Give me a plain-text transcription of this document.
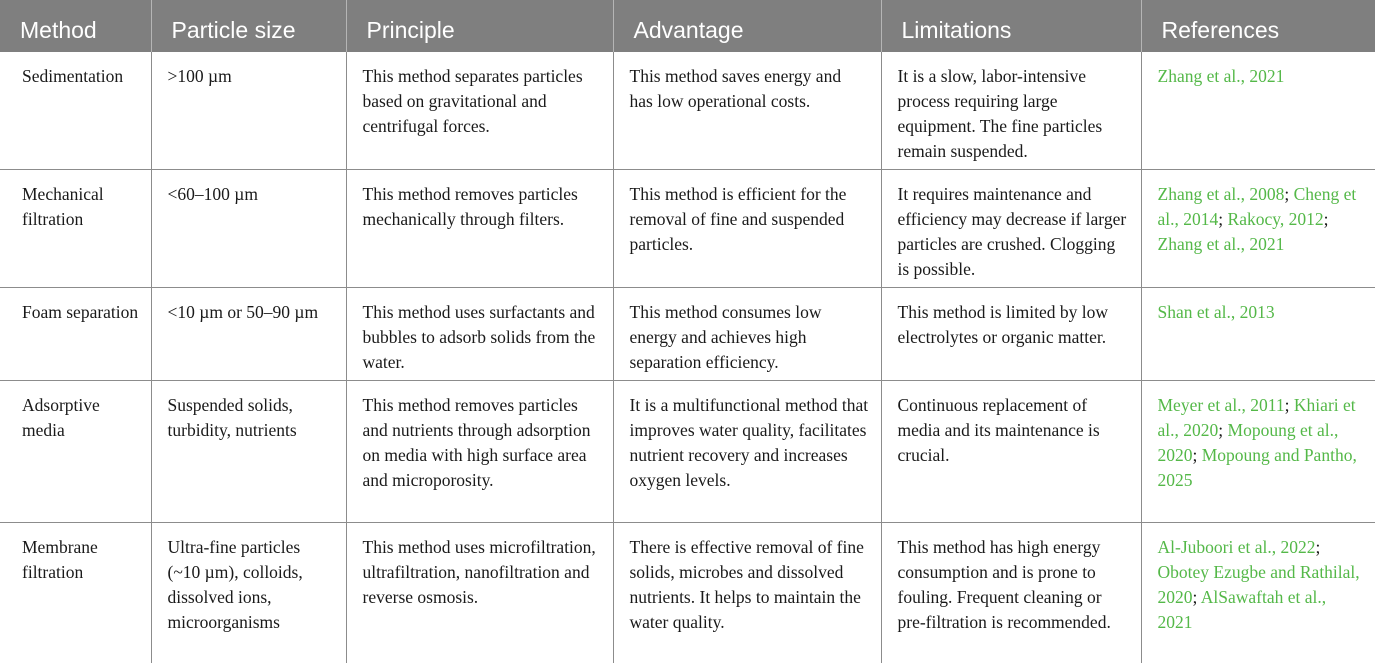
Method	Particle size	Principle	Advantage	Limitations	References
Sedimentation	>100 µm	This method separates particles based on gravitational and centrifugal forces.	This method saves energy and has low operational costs.	It is a slow, labor-intensive process requiring large equipment. The fine particles remain suspended.	Zhang et al., 2021
Mechanical filtration	<60–100 µm	This method removes particles mechanically through filters.	This method is efficient for the removal of fine and suspended particles.	It requires maintenance and efficiency may decrease if larger particles are crushed. Clogging is possible.	Zhang et al., 2008; Cheng et al., 2014; Rakocy, 2012; Zhang et al., 2021
Foam separation	<10 µm or 50–90 µm	This method uses surfactants and bubbles to adsorb solids from the water.	This method consumes low energy and achieves high separation efficiency.	This method is limited by low electrolytes or organic matter.	Shan et al., 2013
Adsorptive media	Suspended solids, turbidity, nutrients	This method removes particles and nutrients through adsorption on media with high surface area and microporosity.	It is a multifunctional method that improves water quality, facilitates nutrient recovery and increases oxygen levels.	Continuous replacement of media and its maintenance is crucial.	Meyer et al., 2011; Khiari et al., 2020; Mopoung et al., 2020; Mopoung and Pantho, 2025
Membrane filtration	Ultra-fine particles (~10 µm), colloids, dissolved ions, microorganisms	This method uses microfiltration, ultrafiltration, nanofiltration and reverse osmosis.	There is effective removal of fine solids, microbes and dissolved nutrients. It helps to maintain the water quality.	This method has high energy consumption and is prone to fouling. Frequent cleaning or pre-filtration is recommended.	Al-Juboori et al., 2022; Obotey Ezugbe and Rathilal, 2020; AlSawaftah et al., 2021
